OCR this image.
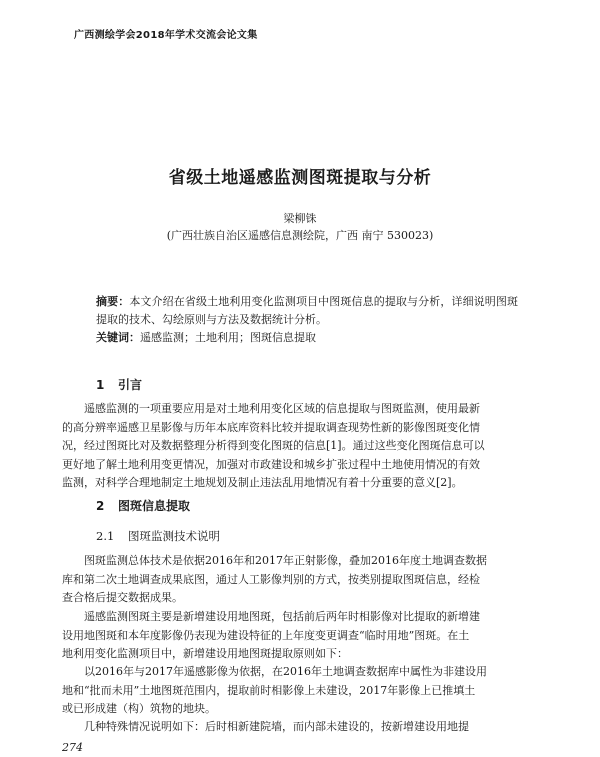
广西测绘学会2018年学术交流会论文集
省级土地遥感监测图斑提取与分析
梁柳铢
(广西壮族自治区遥感信息测绘院，广西 南宁 530023)
摘要：本文介绍在省级土地利用变化监测项目中图斑信息的提取与分析，详细说明图斑提取的技术、勾绘原则与方法及数据统计分析。
关键词：遥感监测；土地利用；图斑信息提取
1 引言
遥感监测的一项重要应用是对土地利用变化区域的信息提取与图斑监测，使用最新
的高分辨率遥感卫星影像与历年本底库资料比较并提取调查现势性新的影像图斑变化情
况，经过图斑比对及数据整理分析得到变化图斑的信息[1]。通过这些变化图斑信息可以
更好地了解土地利用变更情况，加强对市政建设和城乡扩张过程中土地使用情况的有效
监测，对科学合理地制定土地规划及制止违法乱用地情况有着十分重要的意义[2]。
2 图斑信息提取
2.1 图斑监测技术说明
图斑监测总体技术是依据2016年和2017年正射影像，叠加2016年度土地调查数据
库和第二次土地调查成果底图，通过人工影像判别的方式，按类别提取图斑信息，经检
查合格后提交数据成果。
遥感监测图斑主要是新增建设用地图斑，包括前后两年时相影像对比提取的新增建
设用地图斑和本年度影像仍表现为建设特征的上年度变更调查“临时用地”图斑。在土
地利用变化监测项目中，新增建设用地图斑提取原则如下：
以2016年与2017年遥感影像为依据，在2016年土地调查数据库中属性为非建设用
地和“批而未用”土地图斑范围内，提取前时相影像上未建设，2017年影像上已推填土
或已形成建（构）筑物的地块。
几种特殊情况说明如下：后时相新建院墙，而内部未建设的，按新增建设用地提
274
